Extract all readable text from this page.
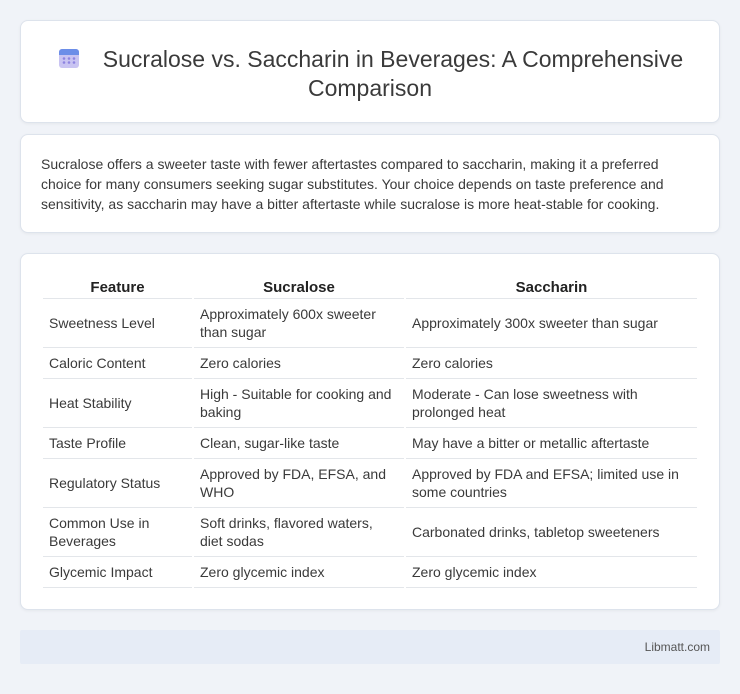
Sucralose vs. Saccharin in Beverages: A Comprehensive Comparison

Sucralose offers a sweeter taste with fewer aftertastes compared to saccharin, making it a preferred choice for many consumers seeking sugar substitutes. Your choice depends on taste preference and sensitivity, as saccharin may have a bitter aftertaste while sucralose is more heat-stable for cooking.

Feature	Sucralose	Saccharin
Sweetness Level	Approximately 600x sweeter than sugar	Approximately 300x sweeter than sugar
Caloric Content	Zero calories	Zero calories
Heat Stability	High - Suitable for cooking and baking	Moderate - Can lose sweetness with prolonged heat
Taste Profile	Clean, sugar-like taste	May have a bitter or metallic aftertaste
Regulatory Status	Approved by FDA, EFSA, and WHO	Approved by FDA and EFSA; limited use in some countries
Common Use in Beverages	Soft drinks, flavored waters, diet sodas	Carbonated drinks, tabletop sweeteners
Glycemic Impact	Zero glycemic index	Zero glycemic index
Libmatt.com
